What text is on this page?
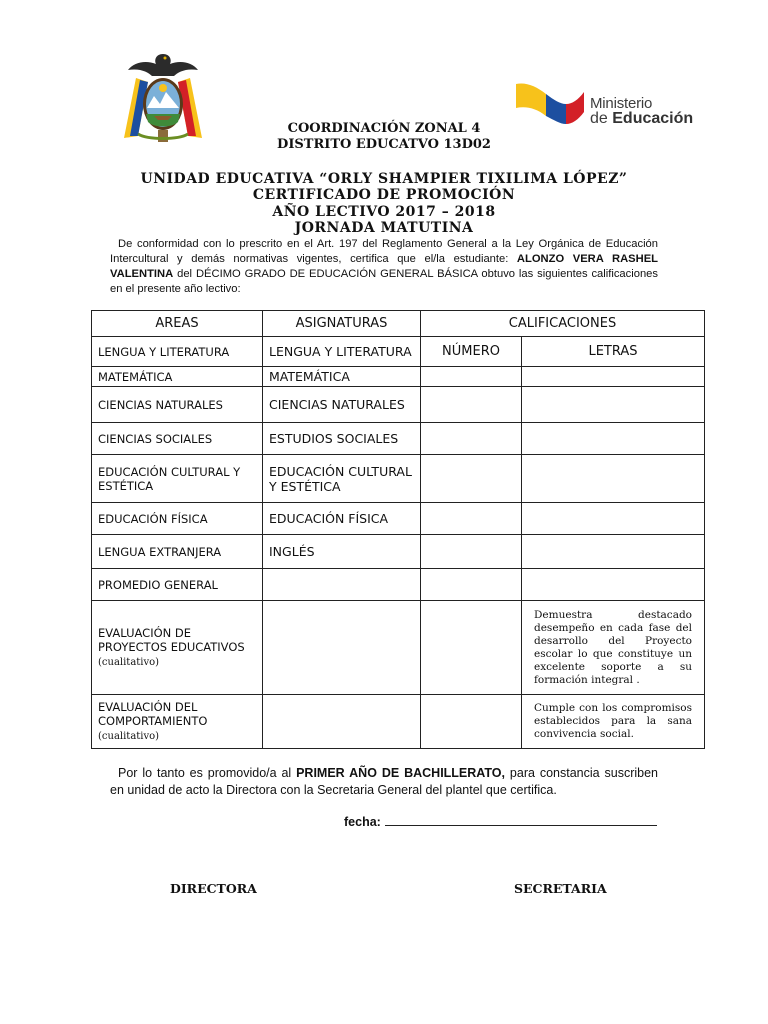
Ministerio
de Educación
COORDINACIÓN ZONAL 4
DISTRITO EDUCATVO 13D02
UNIDAD EDUCATIVA “ORLY SHAMPIER TIXILIMA LÓPEZ”
CERTIFICADO DE PROMOCIÓN
AÑO LECTIVO 2017 – 2018
JORNADA MATUTINA
De conformidad con lo prescrito en el Art. 197 del Reglamento General a la Ley Orgánica de Educación Intercultural y demás normativas vigentes, certifica que el/la estudiante: ALONZO VERA RASHEL VALENTINA del DÉCIMO GRADO DE EDUCACIÓN GENERAL BÁSICA obtuvo las siguientes calificaciones en el presente año lectivo:
AREAS	ASIGNATURAS	CALIFICACIONES	
LENGUA Y LITERATURA	LENGUA Y LITERATURA	NÚMERO	LETRAS
MATEMÁTICA	MATEMÁTICA		
CIENCIAS NATURALES	CIENCIAS NATURALES		
CIENCIAS SOCIALES	ESTUDIOS SOCIALES		
EDUCACIÓN CULTURAL Y ESTÉTICA	EDUCACIÓN CULTURAL Y ESTÉTICA		
EDUCACIÓN FÍSICA	EDUCACIÓN FÍSICA		
LENGUA EXTRANJERA	INGLÉS		
PROMEDIO GENERAL			
EVALUACIÓN DE PROYECTOS EDUCATIVOS
(cualitativo)			Demuestra destacado desempeño en cada fase del desarrollo del Proyecto escolar lo que constituye un excelente soporte a su formación integral .
EVALUACIÓN DEL COMPORTAMIENTO
(cualitativo)			Cumple con los compromisos establecidos para la sana convivencia social.
Por lo tanto es promovido/a al PRIMER AÑO DE BACHILLERATO, para constancia suscriben en unidad de acto la Directora con la Secretaria General del plantel que certifica.
fecha:
DIRECTORA	SECRETARIA
